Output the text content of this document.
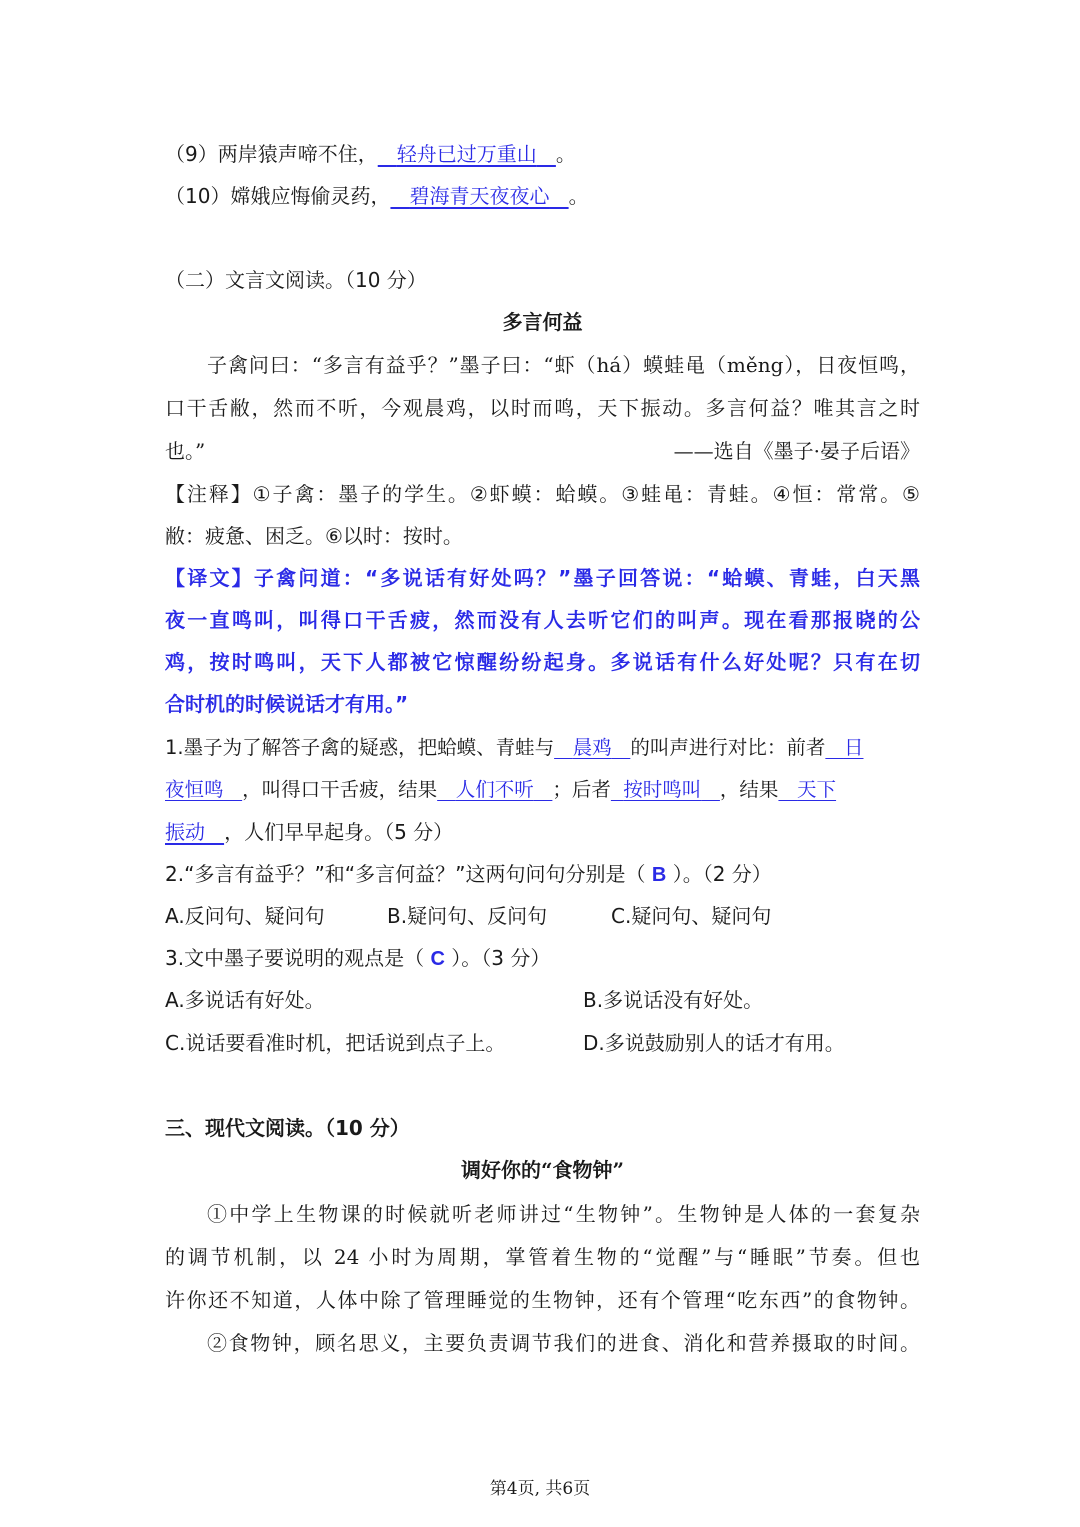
（9）两岸猿声啼不住， 轻舟已过万重山 。
（10）嫦娥应悔偷灵药， 碧海青天夜夜心 。
（二）文言文阅读。（10 分）
多言何益
子禽问曰：“多言有益乎？”墨子曰：“虾（há）蟆蛙黾（měng），日夜恒鸣，
口干舌敝，然而不听，今观晨鸡，以时而鸣，天下振动。多言何益？唯其言之时
也。”	——选自《墨子·晏子后语》
【注释】①子禽：墨子的学生。②虾蟆：蛤蟆。③蛙黾：青蛙。④恒：常常。⑤
敝：疲惫、困乏。⑥以时：按时。
【译文】子禽问道：“多说话有好处吗？”墨子回答说：“蛤蟆、青蛙，白天黑
夜一直鸣叫，叫得口干舌疲，然而没有人去听它们的叫声。现在看那报晓的公
鸡，按时鸣叫，天下人都被它惊醒纷纷起身。多说话有什么好处呢？只有在切
合时机的时候说话才有用。”
1.墨子为了解答子禽的疑惑，把蛤蟆、青蛙与 晨鸡 的叫声进行对比：前者 日
夜恒鸣 ，叫得口干舌疲，结果 人们不听 ；后者 按时鸣叫 ，结果 天下
振动 ，人们早早起身。（5 分）
2.“多言有益乎？”和“多言何益？”这两句问句分别是（ B ）。（2 分）
A.反问句、疑问句	B.疑问句、反问句	C.疑问句、疑问句
3.文中墨子要说明的观点是（ C ）。（3 分）
A.多说话有好处。	B.多说话没有好处。
C.说话要看准时机，把话说到点子上。	D.多说鼓励别人的话才有用。
三、现代文阅读。（10 分）
调好你的“食物钟”
①中学上生物课的时候就听老师讲过“生物钟”。生物钟是人体的一套复杂
的调节机制，以 24 小时为周期，掌管着生物的“觉醒”与“睡眠”节奏。但也
许你还不知道，人体中除了管理睡觉的生物钟，还有个管理“吃东西”的食物钟。
②食物钟，顾名思义，主要负责调节我们的进食、消化和营养摄取的时间。
第4页, 共6页
